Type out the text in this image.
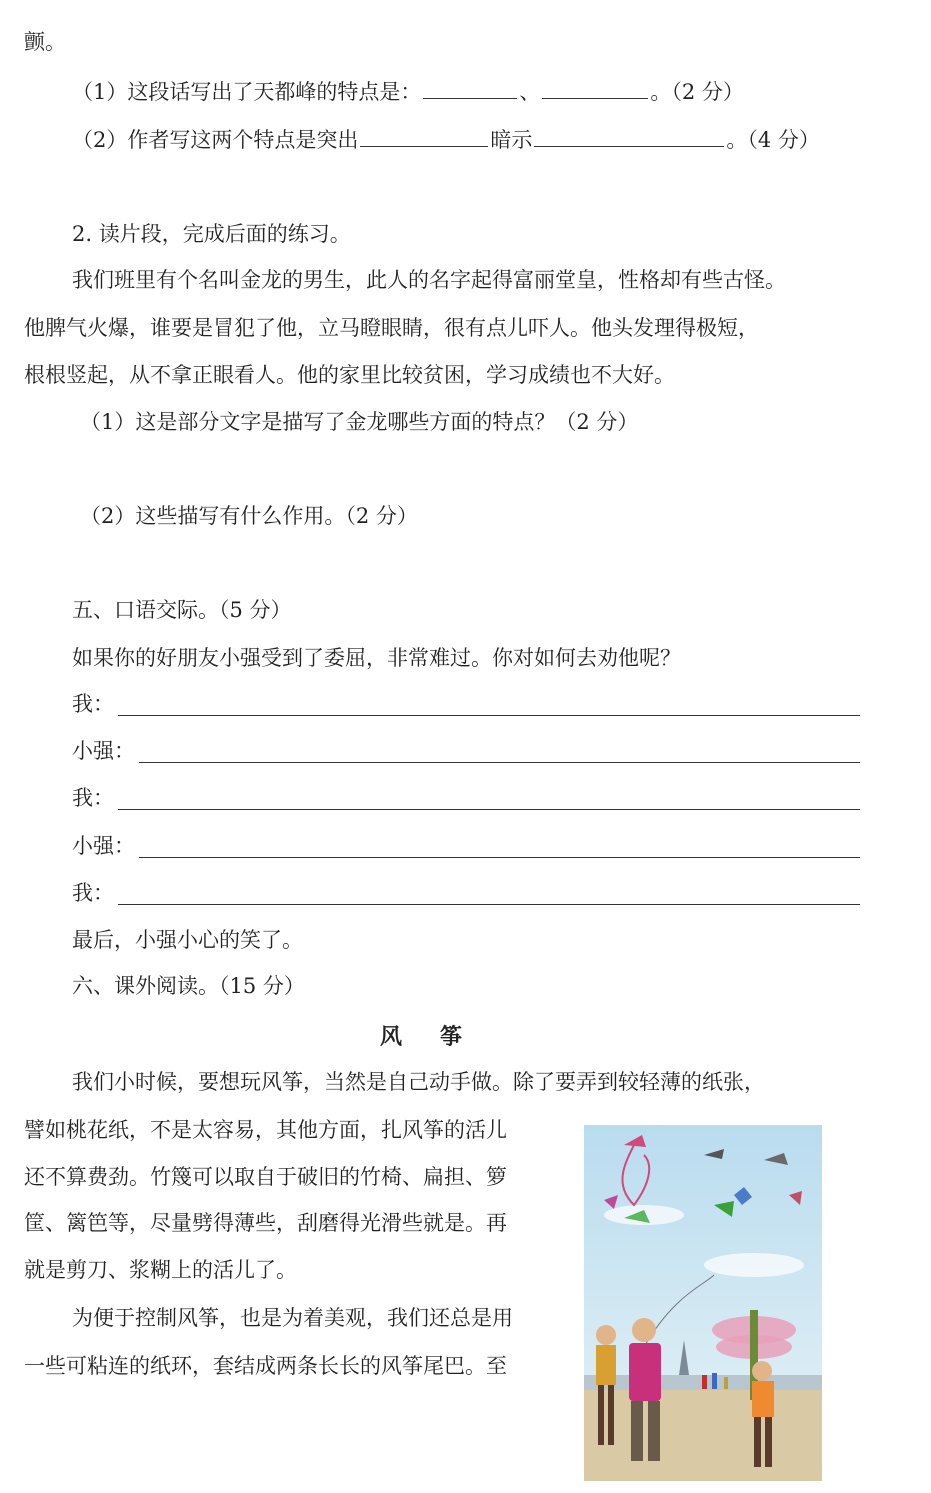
颤。
（1）这段话写出了天都峰的特点是：	、	。（2 分）
（2）作者写这两个特点是突出	暗示	。（4 分）
2. 读片段，完成后面的练习。
我们班里有个名叫金龙的男生，此人的名字起得富丽堂皇，性格却有些古怪。
他脾气火爆，谁要是冒犯了他，立马瞪眼睛，很有点儿吓人。他头发理得极短，
根根竖起，从不拿正眼看人。他的家里比较贫困，学习成绩也不大好。
（1）这是部分文字是描写了金龙哪些方面的特点？（2 分）
（2）这些描写有什么作用。（2 分）
五、口语交际。（5 分）
如果你的好朋友小强受到了委屈，非常难过。你对如何去劝他呢？
我：
小强：
我：
小强：
我：
最后，小强小心的笑了。
六、课外阅读。（15 分）
风筝
我们小时候，要想玩风筝，当然是自己动手做。除了要弄到较轻薄的纸张，
譬如桃花纸，不是太容易，其他方面，扎风筝的活儿
还不算费劲。竹篾可以取自于破旧的竹椅、扁担、箩
筐、篱笆等，尽量劈得薄些，刮磨得光滑些就是。再
就是剪刀、浆糊上的活儿了。
为便于控制风筝，也是为着美观，我们还总是用
一些可粘连的纸环，套结成两条长长的风筝尾巴。至
